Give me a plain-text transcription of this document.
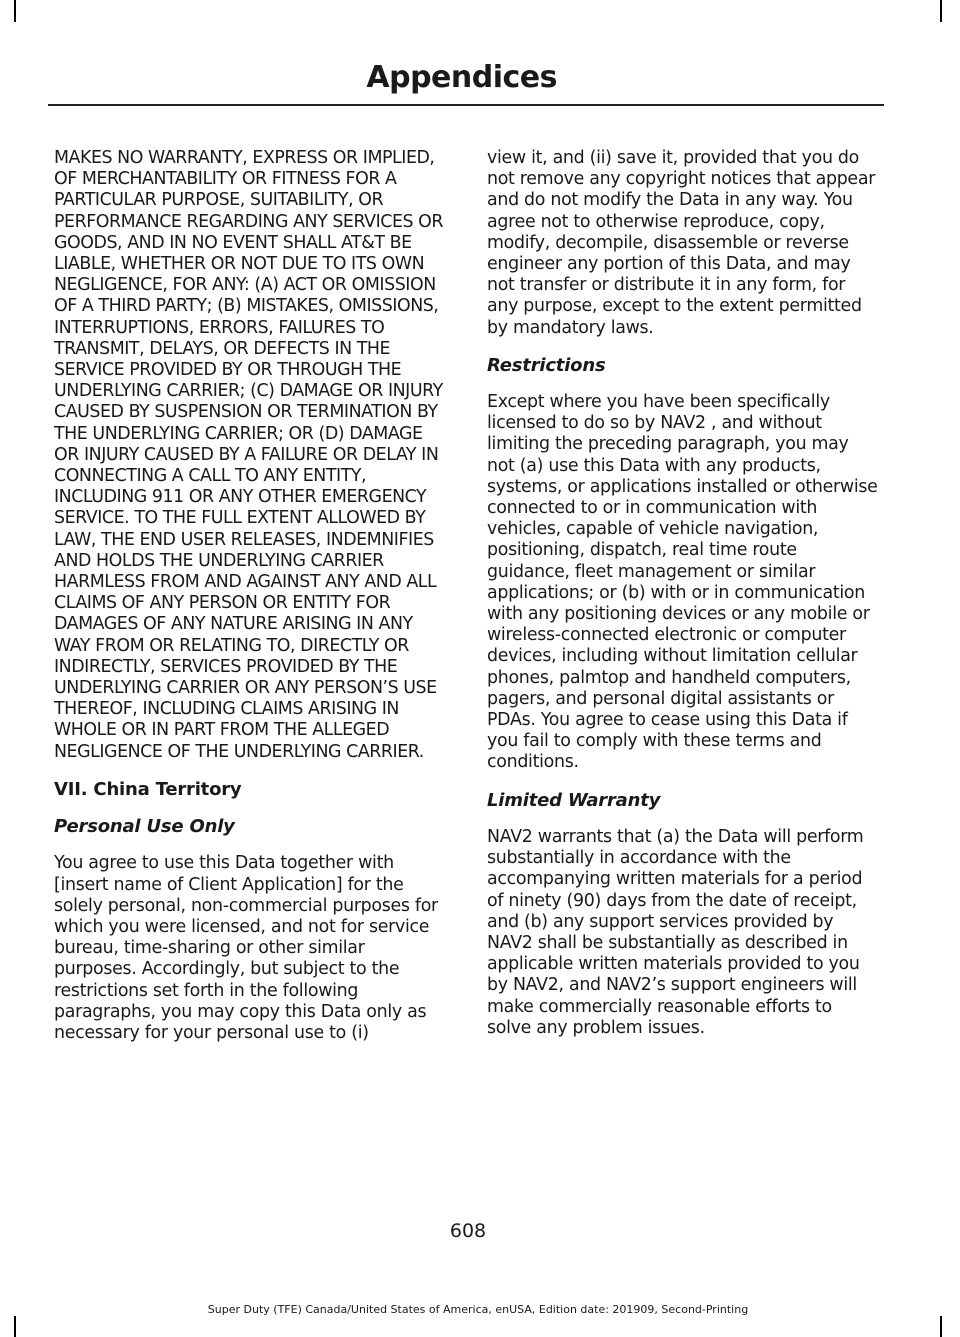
Appendices

MAKES NO WARRANTY, EXPRESS OR IMPLIED, OF MERCHANTABILITY OR FITNESS FOR A PARTICULAR PURPOSE, SUITABILITY, OR PERFORMANCE REGARDING ANY SERVICES OR GOODS, AND IN NO EVENT SHALL AT&T BE LIABLE, WHETHER OR NOT DUE TO ITS OWN NEGLIGENCE, FOR ANY: (A) ACT OR OMISSION OF A THIRD PARTY; (B) MISTAKES, OMISSIONS, INTERRUPTIONS, ERRORS, FAILURES TO TRANSMIT, DELAYS, OR DEFECTS IN THE SERVICE PROVIDED BY OR THROUGH THE UNDERLYING CARRIER; (C) DAMAGE OR INJURY CAUSED BY SUSPENSION OR TERMINATION BY THE UNDERLYING CARRIER; OR (D) DAMAGE OR INJURY CAUSED BY A FAILURE OR DELAY IN CONNECTING A CALL TO ANY ENTITY, INCLUDING 911 OR ANY OTHER EMERGENCY SERVICE. TO THE FULL EXTENT ALLOWED BY LAW, THE END USER RELEASES, INDEMNIFIES AND HOLDS THE UNDERLYING CARRIER HARMLESS FROM AND AGAINST ANY AND ALL CLAIMS OF ANY PERSON OR ENTITY FOR DAMAGES OF ANY NATURE ARISING IN ANY WAY FROM OR RELATING TO, DIRECTLY OR INDIRECTLY, SERVICES PROVIDED BY THE UNDERLYING CARRIER OR ANY PERSON’S USE THEREOF, INCLUDING CLAIMS ARISING IN WHOLE OR IN PART FROM THE ALLEGED NEGLIGENCE OF THE UNDERLYING CARRIER.

VII. China Territory
Personal Use Only

You agree to use this Data together with [insert name of Client Application] for the solely personal, non-commercial purposes for which you were licensed, and not for service bureau, time-sharing or other similar purposes. Accordingly, but subject to the restrictions set forth in the following paragraphs, you may copy this Data only as necessary for your personal use to (i)

view it, and (ii) save it, provided that you do not remove any copyright notices that appear and do not modify the Data in any way. You agree not to otherwise reproduce, copy, modify, decompile, disassemble or reverse engineer any portion of this Data, and may not transfer or distribute it in any form, for any purpose, except to the extent permitted by mandatory laws.

Restrictions

Except where you have been specifically licensed to do so by NAV2 , and without limiting the preceding paragraph, you may not (a) use this Data with any products, systems, or applications installed or otherwise connected to or in communication with vehicles, capable of vehicle navigation, positioning, dispatch, real time route guidance, fleet management or similar applications; or (b) with or in communication with any positioning devices or any mobile or wireless-connected electronic or computer devices, including without limitation cellular phones, palmtop and handheld computers, pagers, and personal digital assistants or PDAs. You agree to cease using this Data if you fail to comply with these terms and conditions.

Limited Warranty

NAV2 warrants that (a) the Data will perform substantially in accordance with the accompanying written materials for a period of ninety (90) days from the date of receipt, and (b) any support services provided by NAV2 shall be substantially as described in applicable written materials provided to you by NAV2, and NAV2’s support engineers will make commercially reasonable efforts to solve any problem issues.

608
Super Duty (TFE) Canada/United States of America, enUSA, Edition date: 201909, Second-Printing
